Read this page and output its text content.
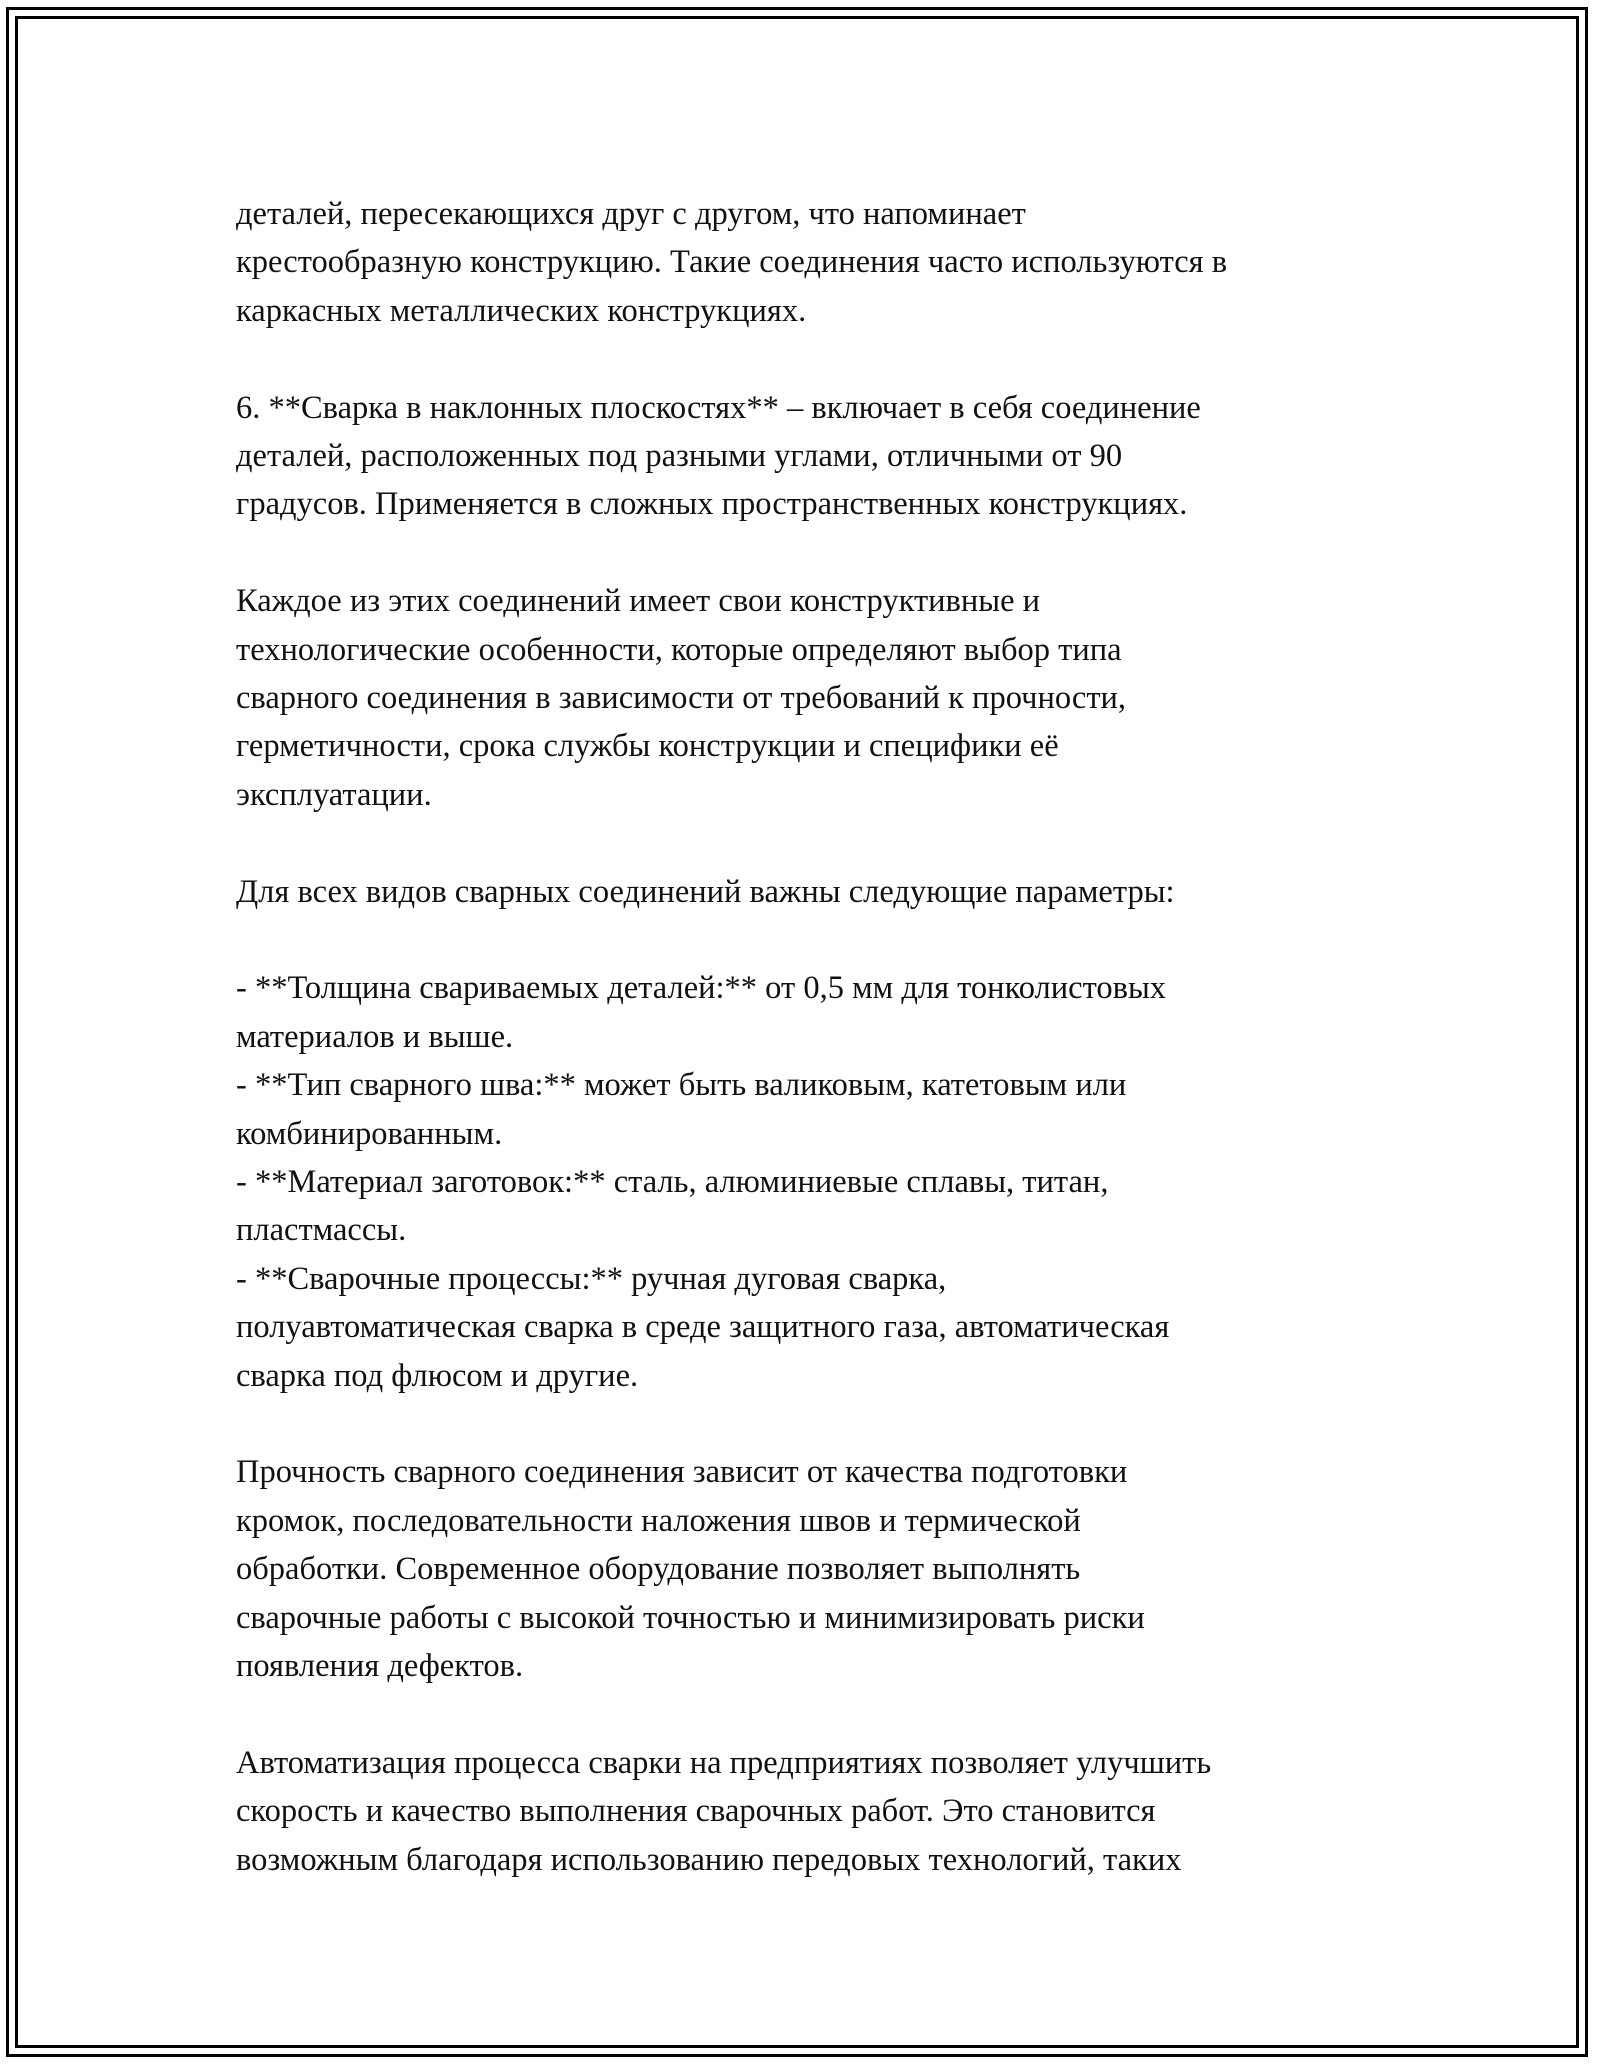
деталей, пересекающихся друг с другом, что напоминает
крестообразную конструкцию. Такие соединения часто используются в
каркасных металлических конструкциях.

6. **Сварка в наклонных плоскостях** – включает в себя соединение
деталей, расположенных под разными углами, отличными от 90
градусов. Применяется в сложных пространственных конструкциях.

Каждое из этих соединений имеет свои конструктивные и
технологические особенности, которые определяют выбор типа
сварного соединения в зависимости от требований к прочности,
герметичности, срока службы конструкции и специфики её
эксплуатации.

Для всех видов сварных соединений важны следующие параметры:

- **Толщина свариваемых деталей:** от 0,5 мм для тонколистовых
материалов и выше.
- **Тип сварного шва:** может быть валиковым, катетовым или
комбинированным.
- **Материал заготовок:** сталь, алюминиевые сплавы, титан,
пластмассы.
- **Сварочные процессы:** ручная дуговая сварка,
полуавтоматическая сварка в среде защитного газа, автоматическая
сварка под флюсом и другие.

Прочность сварного соединения зависит от качества подготовки
кромок, последовательности наложения швов и термической
обработки. Современное оборудование позволяет выполнять
сварочные работы с высокой точностью и минимизировать риски
появления дефектов.

Автоматизация процесса сварки на предприятиях позволяет улучшить
скорость и качество выполнения сварочных работ. Это становится
возможным благодаря использованию передовых технологий, таких
